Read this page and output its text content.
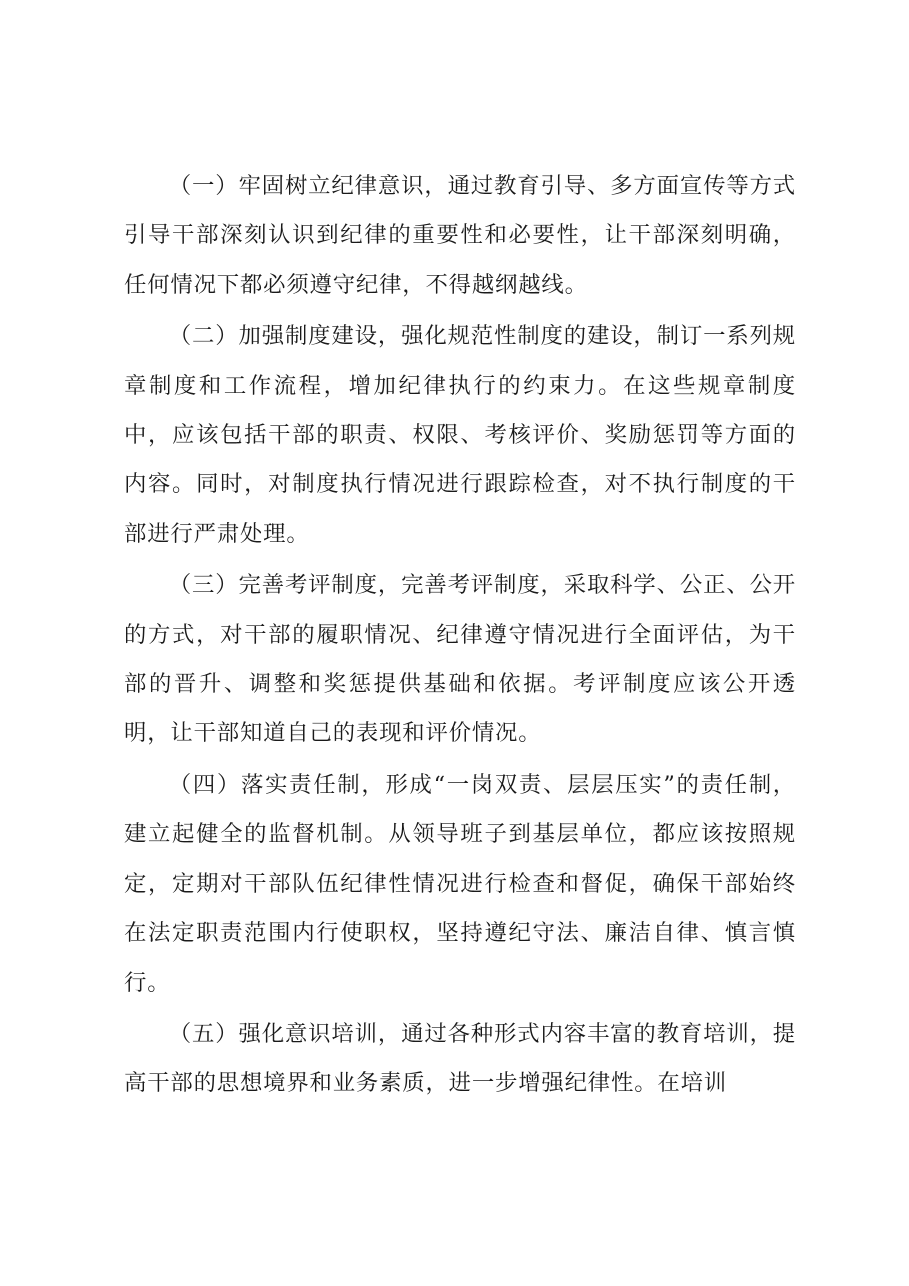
（一）牢固树立纪律意识，通过教育引导、多方面宣传等方式引导干部深刻认识到纪律的重要性和必要性，让干部深刻明确，任何情况下都必须遵守纪律，不得越纲越线。

（二）加强制度建设，强化规范性制度的建设，制订一系列规章制度和工作流程，增加纪律执行的约束力。在这些规章制度中，应该包括干部的职责、权限、考核评价、奖励惩罚等方面的内容。同时，对制度执行情况进行跟踪检查，对不执行制度的干部进行严肃处理。

（三）完善考评制度，完善考评制度，采取科学、公正、公开的方式，对干部的履职情况、纪律遵守情况进行全面评估，为干部的晋升、调整和奖惩提供基础和依据。考评制度应该公开透明，让干部知道自己的表现和评价情况。

（四）落实责任制，形成“一岗双责、层层压实”的责任制，建立起健全的监督机制。从领导班子到基层单位，都应该按照规定，定期对干部队伍纪律性情况进行检查和督促，确保干部始终在法定职责范围内行使职权，坚持遵纪守法、廉洁自律、慎言慎行。

（五）强化意识培训，通过各种形式内容丰富的教育培训，提高干部的思想境界和业务素质，进一步增强纪律性。在培训
